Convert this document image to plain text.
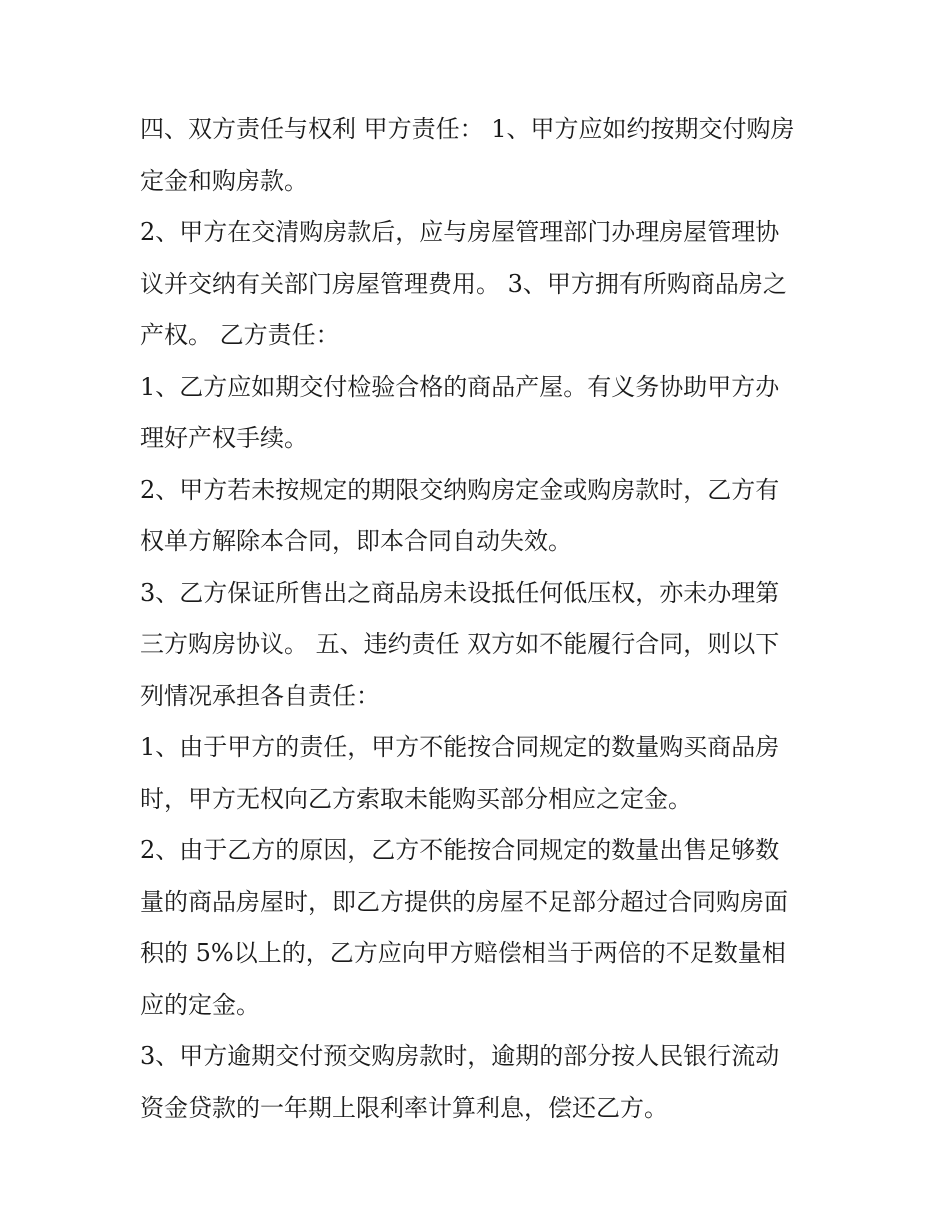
四、双方责任与权利 甲方责任： 1、甲方应如约按期交付购房
定金和购房款。

2、甲方在交清购房款后，应与房屋管理部门办理房屋管理协
议并交纳有关部门房屋管理费用。 3、甲方拥有所购商品房之
产权。 乙方责任：

1、乙方应如期交付检验合格的商品产屋。有义务协助甲方办
理好产权手续。

2、甲方若未按规定的期限交纳购房定金或购房款时，乙方有
权单方解除本合同，即本合同自动失效。

3、乙方保证所售出之商品房未设抵任何低压权，亦未办理第
三方购房协议。 五、违约责任 双方如不能履行合同，则以下
列情况承担各自责任：

1、由于甲方的责任，甲方不能按合同规定的数量购买商品房
时，甲方无权向乙方索取未能购买部分相应之定金。

2、由于乙方的原因，乙方不能按合同规定的数量出售足够数
量的商品房屋时，即乙方提供的房屋不足部分超过合同购房面
积的 5%以上的，乙方应向甲方赔偿相当于两倍的不足数量相
应的定金。

3、甲方逾期交付预交购房款时，逾期的部分按人民银行流动
资金贷款的一年期上限利率计算利息，偿还乙方。
